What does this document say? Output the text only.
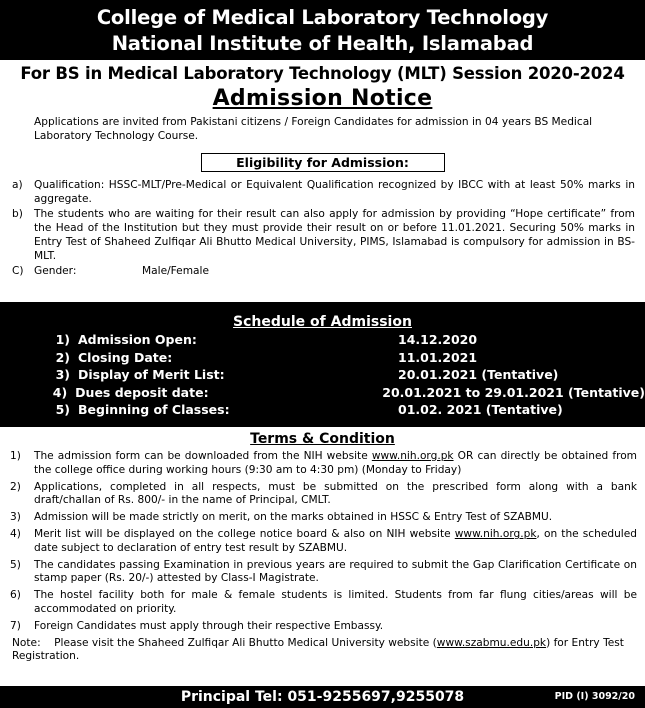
College of Medical Laboratory Technology
National Institute of Health, Islamabad
For BS in Medical Laboratory Technology (MLT) Session 2020-2024
Admission Notice
Applications are invited from Pakistani citizens / Foreign Candidates for admission in 04 years BS Medical Laboratory Technology Course.
Eligibility for Admission:
a)	Qualification: HSSC-MLT/Pre-Medical or Equivalent Qualification recognized by IBCC with at least 50% marks in aggregate.
b)	The students who are waiting for their result can also apply for admission by providing “Hope certificate” from the Head of the Institution but they must provide their result on or before 11.01.2021. Securing 50% marks in Entry Test of Shaheed Zulfiqar Ali Bhutto Medical University, PIMS, Islamabad is compulsory for admission in BS-MLT.
C) Gender:	Male/Female
Schedule of Admission
1) Admission Open:	14.12.2020
2) Closing Date:	11.01.2021
3) Display of Merit List:	20.01.2021 (Tentative)
4) Dues deposit date:	20.01.2021 to 29.01.2021 (Tentative)
5) Beginning of Classes:	01.02. 2021 (Tentative)
Terms & Condition
1)	The admission form can be downloaded from the NIH website www.nih.org.pk OR can directly be obtained from the college office during working hours (9:30 am to 4:30 pm) (Monday to Friday)
2)	Applications, completed in all respects, must be submitted on the prescribed form along with a bank draft/challan of Rs. 800/- in the name of Principal, CMLT.
3)	Admission will be made strictly on merit, on the marks obtained in HSSC & Entry Test of SZABMU.
4)	Merit list will be displayed on the college notice board & also on NIH website www.nih.org.pk, on the scheduled date subject to declaration of entry test result by SZABMU.
5)	The candidates passing Examination in previous years are required to submit the Gap Clarification Certificate on stamp paper (Rs. 20/-) attested by Class-I Magistrate.
6)	The hostel facility both for male & female students is limited. Students from far flung cities/areas will be accommodated on priority.
7)	Foreign Candidates must apply through their respective Embassy.
Note: Please visit the Shaheed Zulfiqar Ali Bhutto Medical University website (www.szabmu.edu.pk) for Entry Test Registration.
Principal Tel: 051-9255697,9255078	PID (I) 3092/20
